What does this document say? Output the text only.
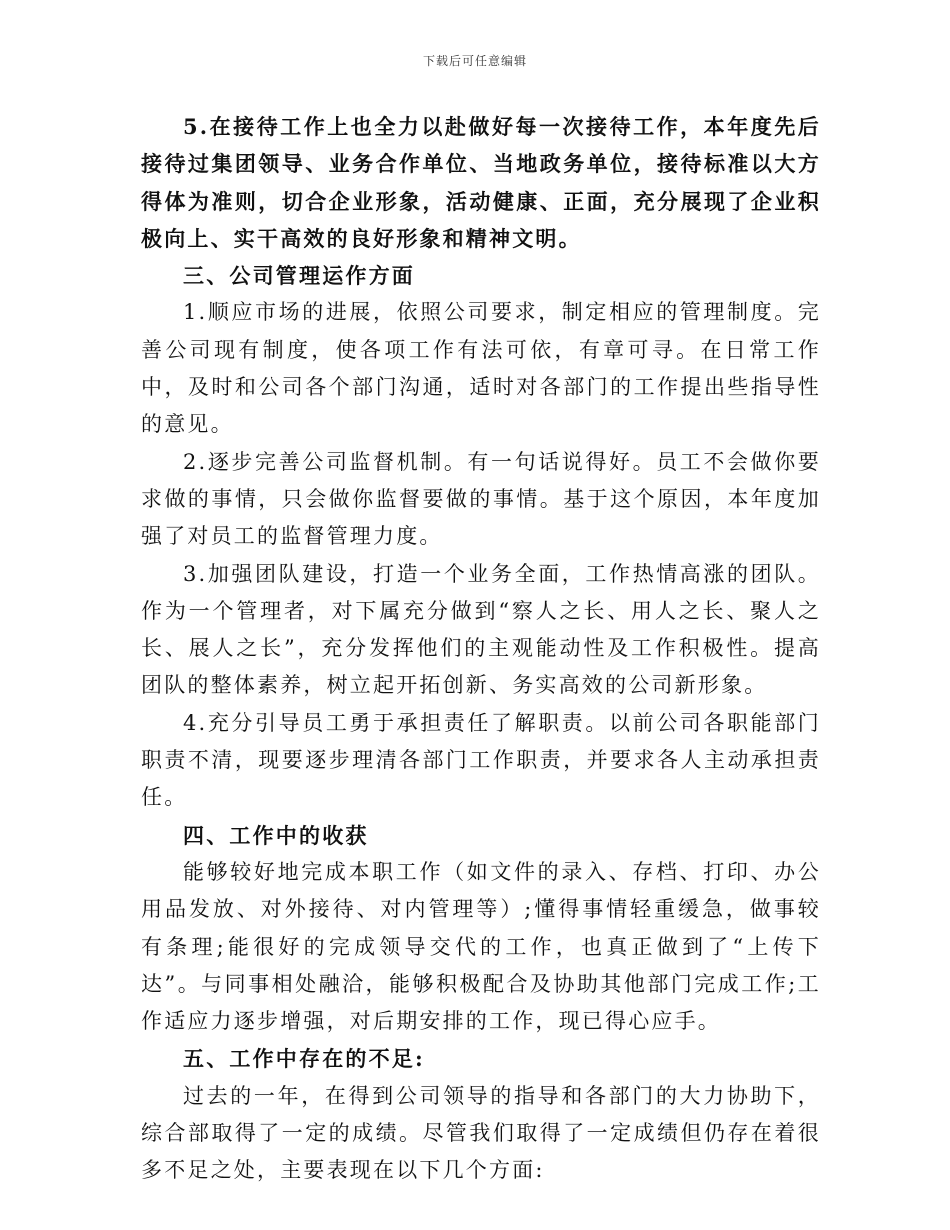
下载后可任意编辑

5.在接待工作上也全力以赴做好每一次接待工作，本年度先后接待过集团领导、业务合作单位、当地政务单位，接待标准以大方得体为准则，切合企业形象，活动健康、正面，充分展现了企业积极向上、实干高效的良好形象和精神文明。

三、公司管理运作方面

1.顺应市场的进展，依照公司要求，制定相应的管理制度。完善公司现有制度，使各项工作有法可依，有章可寻。在日常工作中，及时和公司各个部门沟通，适时对各部门的工作提出些指导性的意见。

2.逐步完善公司监督机制。有一句话说得好。员工不会做你要求做的事情，只会做你监督要做的事情。基于这个原因，本年度加强了对员工的监督管理力度。

3.加强团队建设，打造一个业务全面，工作热情高涨的团队。作为一个管理者，对下属充分做到“察人之长、用人之长、聚人之长、展人之长”，充分发挥他们的主观能动性及工作积极性。提高团队的整体素养，树立起开拓创新、务实高效的公司新形象。

4.充分引导员工勇于承担责任了解职责。以前公司各职能部门职责不清，现要逐步理清各部门工作职责，并要求各人主动承担责任。

四、工作中的收获

能够较好地完成本职工作（如文件的录入、存档、打印、办公用品发放、对外接待、对内管理等）;懂得事情轻重缓急，做事较有条理;能很好的完成领导交代的工作，也真正做到了“上传下达”。与同事相处融洽，能够积极配合及协助其他部门完成工作;工作适应力逐步增强，对后期安排的工作，现已得心应手。

五、工作中存在的不足:

过去的一年，在得到公司领导的指导和各部门的大力协助下，综合部取得了一定的成绩。尽管我们取得了一定成绩但仍存在着很多不足之处，主要表现在以下几个方面:
